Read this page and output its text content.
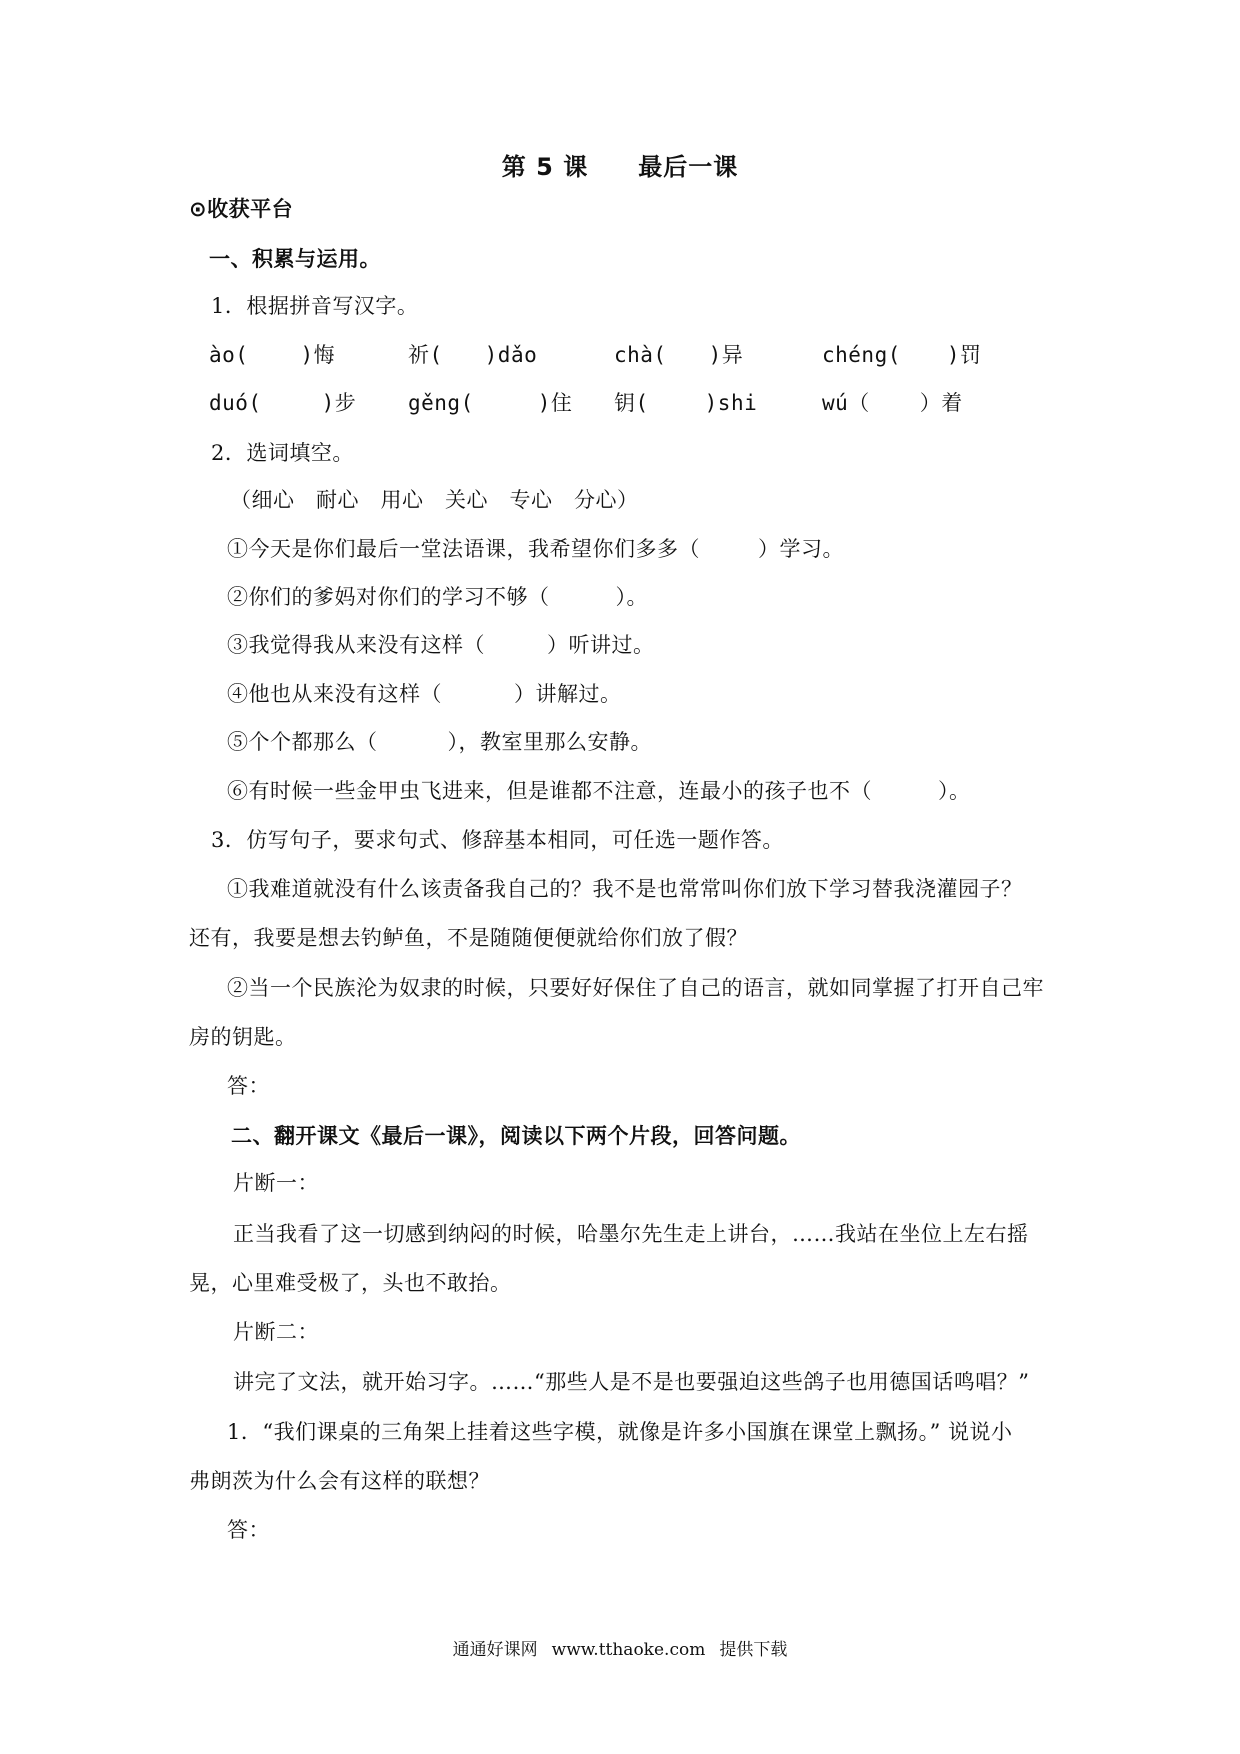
第 5 课 最后一课
⊙收获平台
一、积累与运用。
1．根据拼音写汉字。
ào( )悔	祈( )dǎo	chà( )异	chéng( )罚
duó(	)步 gěng(	)住 钥(	)shi	wú（ ）着
2．选词填空。
（细心　耐心　用心　关心　专心　分心）
①今天是你们最后一堂法语课，我希望你们多多（	）学习。
②你们的爹妈对你们的学习不够（	）。
③我觉得我从来没有这样（	）听讲过。
④他也从来没有这样（	）讲解过。
⑤个个都那么（	），教室里那么安静。
⑥有时候一些金甲虫飞进来，但是谁都不注意，连最小的孩子也不（	）。
3．仿写句子，要求句式、修辞基本相同，可任选一题作答。
①我难道就没有什么该责备我自己的？我不是也常常叫你们放下学习替我浇灌园子？
还有，我要是想去钓鲈鱼，不是随随便便就给你们放了假？
②当一个民族沦为奴隶的时候，只要好好保住了自己的语言，就如同掌握了打开自己牢
房的钥匙。
答：
二、翻开课文《最后一课》，阅读以下两个片段，回答问题。
片断一：
正当我看了这一切感到纳闷的时候，哈墨尔先生走上讲台，……我站在坐位上左右摇
晃，心里难受极了，头也不敢抬。
片断二：
讲完了文法，就开始习字。……“那些人是不是也要强迫这些鸽子也用德国话鸣唱？”
1．“我们课桌的三角架上挂着这些字模，就像是许多小国旗在课堂上飘扬。” 说说小
弗朗茨为什么会有这样的联想？
答：
通通好课网 www.tthaoke.com 提供下载
